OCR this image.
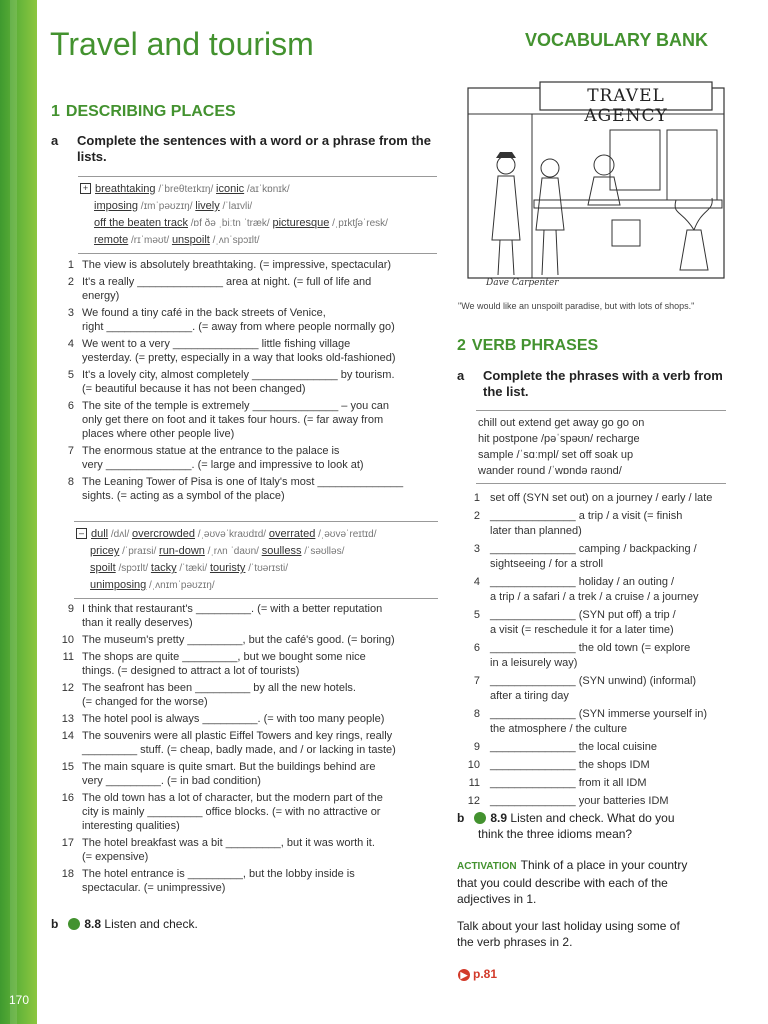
170
Travel and tourism	VOCABULARY BANK
1 DESCRIBING PLACES
a Complete the sentences with a word or a phrase from the
lists.
+ breathtaking /ˈbreθteɪkɪŋ/ iconic /aɪˈkɒnɪk/
imposing /ɪmˈpəʊzɪŋ/ lively /ˈlaɪvli/
off the beaten track /ɒf ðə ˌbiːtn ˈtræk/ picturesque /ˌpɪktʃəˈresk/
remote /rɪˈməʊt/ unspoilt /ˌʌnˈspɔɪlt/
1 The view is absolutely breathtaking. (= impressive, spectacular)
2 It's a really ______________ area at night. (= full of life and
energy)
3 We found a tiny café in the back streets of Venice,
right ______________. (= away from where people normally go)
4 We went to a very ______________ little fishing village
yesterday. (= pretty, especially in a way that looks old-fashioned)
5 It's a lovely city, almost completely ______________ by tourism.
(= beautiful because it has not been changed)
6 The site of the temple is extremely ______________ – you can
only get there on foot and it takes four hours. (= far away from
places where other people live)
7 The enormous statue at the entrance to the palace is
very ______________. (= large and impressive to look at)
8 The Leaning Tower of Pisa is one of Italy's most ______________
sights. (= acting as a symbol of the place)
– dull /dʌl/ overcrowded /ˌəʊvəˈkraʊdɪd/ overrated /ˌəʊvəˈreɪtɪd/
pricey /ˈpraɪsi/ run-down /ˌrʌn ˈdaʊn/ soulless /ˈsəʊlləs/
spoilt /spɔɪlt/ tacky /ˈtæki/ touristy /ˈtʊərɪsti/
unimposing /ˌʌnɪmˈpəʊzɪŋ/
9 I think that restaurant's _________. (= with a better reputation
than it really deserves)
10 The museum's pretty _________, but the café's good. (= boring)
11 The shops are quite _________, but we bought some nice
things. (= designed to attract a lot of tourists)
12 The seafront has been _________ by all the new hotels.
(= changed for the worse)
13 The hotel pool is always _________. (= with too many people)
14 The souvenirs were all plastic Eiffel Towers and key rings, really
_________ stuff. (= cheap, badly made, and / or lacking in taste)
15 The main square is quite smart. But the buildings behind are
very _________. (= in bad condition)
16 The old town has a lot of character, but the modern part of the
city is mainly _________ office blocks. (= with no attractive or
interesting qualities)
17 The hotel breakfast was a bit _________, but it was worth it.
(= expensive)
18 The hotel entrance is _________, but the lobby inside is
spectacular. (= unimpressive)
b 8.8 Listen and check.
TRAVEL AGENCY
Dave Carpenter
"We would like an unspoilt paradise, but with lots of shops."
2 VERB PHRASES
a Complete the phrases with a verb from
the list.
chill out extend get away go go on
hit postpone /pəˈspəʊn/ recharge
sample /ˈsɑːmpl/ set off soak up
wander round /ˈwɒndə raʊnd/
1 set off (SYN set out) on a journey / early / late
2 ______________ a trip / a visit (= finish
later than planned)
3 ______________ camping / backpacking /
sightseeing / for a stroll
4 ______________ holiday / an outing /
a trip / a safari / a trek / a cruise / a journey
5 ______________ (SYN put off) a trip /
a visit (= reschedule it for a later time)
6 ______________ the old town (= explore
in a leisurely way)
7 ______________ (SYN unwind) (informal)
after a tiring day
8 ______________ (SYN immerse yourself in)
the atmosphere / the culture
9 ______________ the local cuisine
10 ______________ the shops IDM
11 ______________ from it all IDM
12 ______________ your batteries IDM
b 8.9 Listen and check. What do you
think the three idioms mean?
ACTIVATION Think of a place in your country
that you could describe with each of the
adjectives in 1.
Talk about your last holiday using some of
the verb phrases in 2.
▶ p.81
